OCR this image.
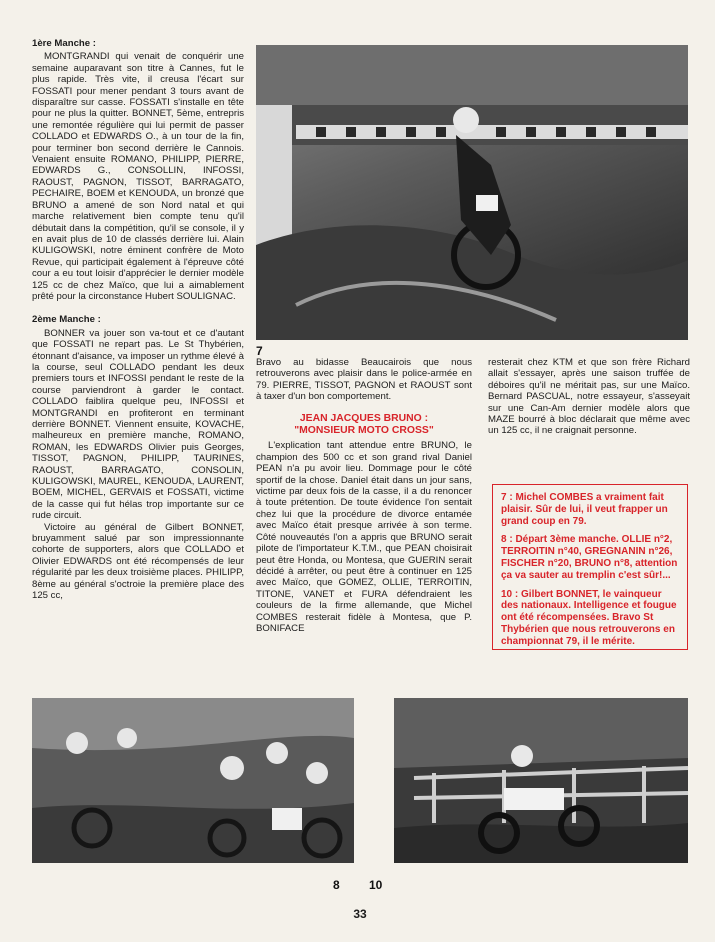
1ère Manche :

MONTGRANDI qui venait de conquérir une semaine auparavant son titre à Cannes, fut le plus rapide. Très vite, il creusa l'écart sur FOSSATI pour mener pendant 3 tours avant de disparaître sur casse. FOSSATI s'installe en tête pour ne plus la quitter. BONNET, 5ème, entrepris une remontée régulière qui lui permit de passer COLLADO et EDWARDS O., à un tour de la fin, pour terminer bon second derrière le Cannois. Venaient ensuite ROMANO, PHILIPP, PIERRE, EDWARDS G., CONSOLLIN, INFOSSI, RAOUST, PAGNON, TISSOT, BARRAGATO, PECHAIRE, BOEM et KENOUDA, un bronzé que BRUNO a amené de son Nord natal et qui marche relativement bien compte tenu qu'il débutait dans la compétition, qu'il se console, il y en avait plus de 10 de classés derrière lui. Alain KULIGOWSKI, notre éminent confrère de Moto Revue, qui participait également à l'épreuve côté cour a eu tout loisir d'apprécier le dernier modèle 125 cc de chez Maïco, que lui a aimablement prêté pour la circonstance Hubert SOULIGNAC.

2ème Manche :

BONNER va jouer son va-tout et ce d'autant que FOSSATI ne repart pas. Le St Thybérien, étonnant d'aisance, va imposer un rythme élevé à la course, seul COLLADO pendant les deux premiers tours et INFOSSI pendant le reste de la course parviendront à garder le contact. COLLADO faiblira quelque peu, INFOSSI et MONTGRANDI en profiteront en terminant derrière BONNET. Viennent ensuite, KOVACHE, malheureux en première manche, ROMANO, ROMAN, les EDWARDS Olivier puis Georges, TISSOT, PAGNON, PHILIPP, TAURINES, RAOUST, BARRAGATO, CONSOLIN, KULIGOWSKI, MAUREL, KENOUDA, LAURENT, BOEM, MICHEL, GERVAIS et FOSSATI, victime de la casse qui fut hélas trop importante sur ce rude circuit.

Victoire au général de Gilbert BONNET, bruyamment salué par son impressionnante cohorte de supporters, alors que COLLADO et Olivier EDWARDS ont été récompensés de leur régularité par les deux troisième places. PHILIPP, 8ème au général s'octroie la première place des 125 cc,

7

Bravo au bidasse Beaucairois que nous retrouverons avec plaisir dans le police-armée en 79. PIERRE, TISSOT, PAGNON et RAOUST sont à taxer d'un bon comportement.

JEAN JACQUES BRUNO :
"MONSIEUR MOTO CROSS"

L'explication tant attendue entre BRUNO, le champion des 500 cc et son grand rival Daniel PEAN n'a pu avoir lieu. Dommage pour le côté sportif de la chose. Daniel était dans un jour sans, victime par deux fois de la casse, il a du renoncer à toute prétention. De toute évidence l'on sentait chez lui que la procédure de divorce entamée avec Maïco était presque arrivée à son terme. Côté nouveautés l'on a appris que BRUNO serait pilote de l'importateur K.T.M., que PEAN choisirait peut être Honda, ou Montesa, que GUERIN serait décidé à arrêter, ou peut être à continuer en 125 avec Maïco, que GOMEZ, OLLIE, TERROITIN, TITONE, VANET et FURA défendraient les couleurs de la firme allemande, que Michel COMBES resterait fidèle à Montesa, que P. BONIFACE

resterait chez KTM et que son frère Richard allait s'essayer, après une saison truffée de déboires qu'il ne méritait pas, sur une Maïco. Bernard PASCUAL, notre essayeur, s'asseyait sur une Can-Am dernier modèle alors que MAZE bourré à bloc déclarait que même avec un 125 cc, il ne craignait personne.

7 : Michel COMBES a vraiment fait plaisir. Sûr de lui, il veut frapper un grand coup en 79.

8 : Départ 3ème manche. OLLIE n°2, TERROITIN n°40, GREGNANIN n°26, FISCHER n°20, BRUNO n°8, attention ça va sauter au tremplin c'est sûr!...

10 : Gilbert BONNET, le vainqueur des nationaux. Intelligence et fougue ont été récompensées. Bravo St Thybérien que nous retrouverons en championnat 79, il le mérite.

8 10
33
